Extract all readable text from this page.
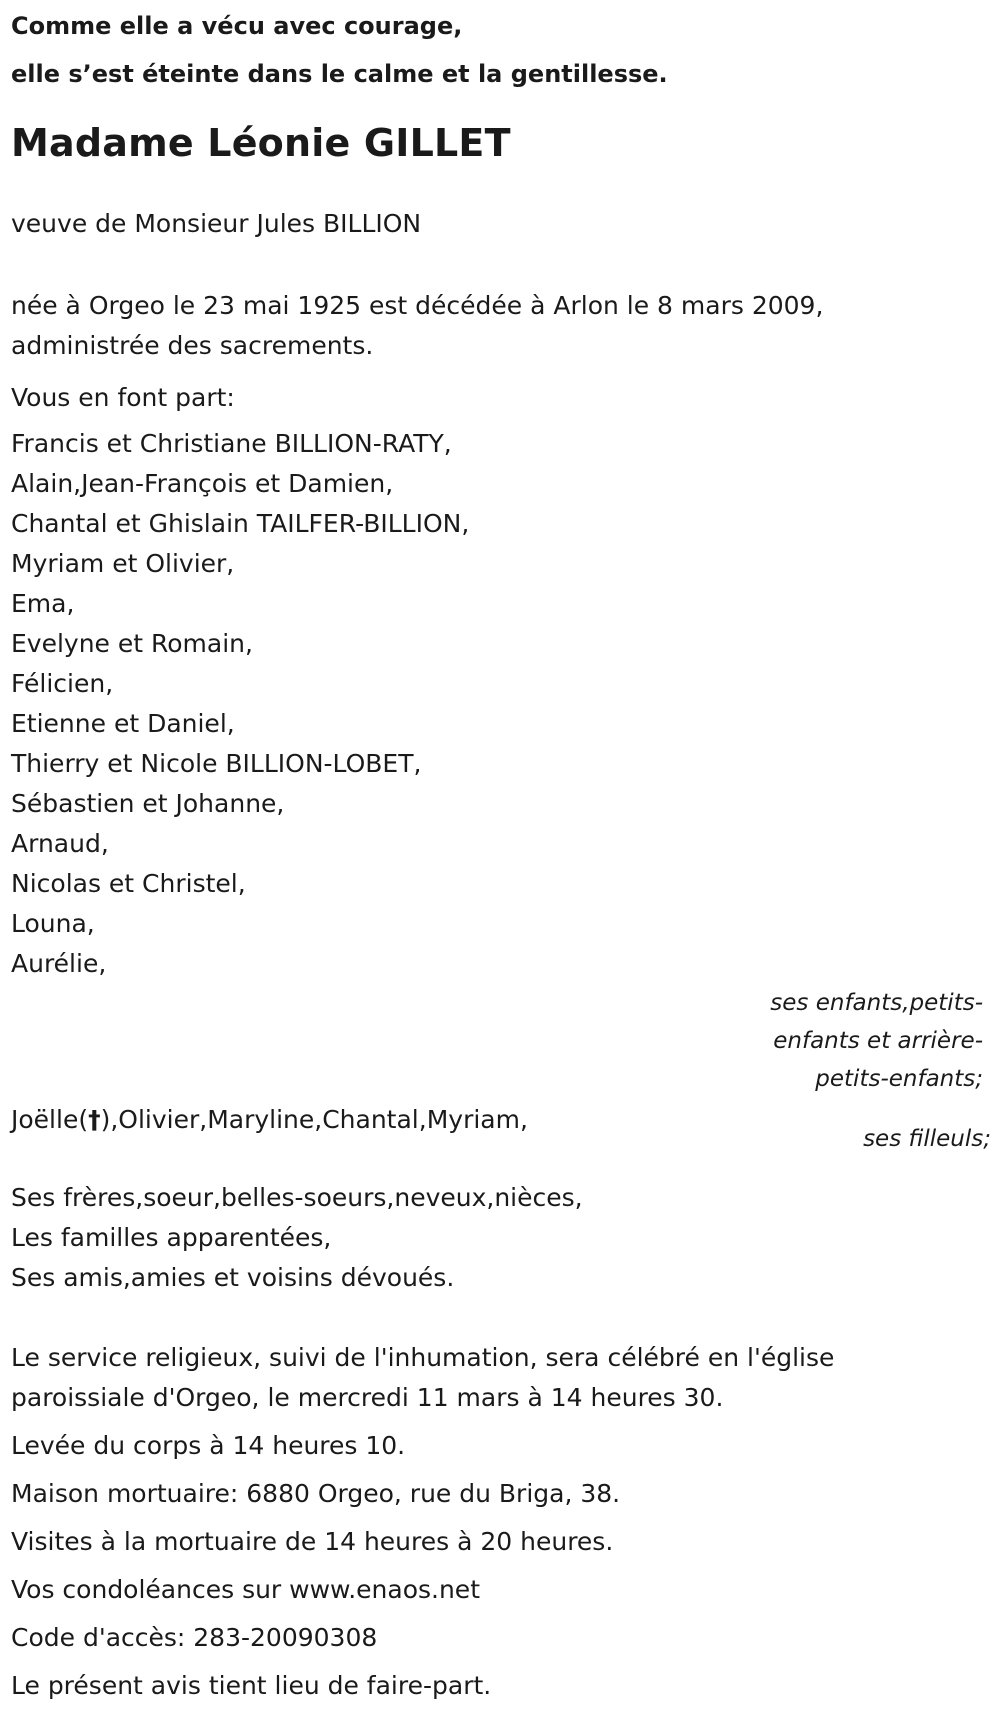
Comme elle a vécu avec courage,
elle s’est éteinte dans le calme et la gentillesse.
Madame Léonie GILLET
veuve de Monsieur Jules BILLION
née à Orgeo le 23 mai 1925 est décédée à Arlon le 8 mars 2009,
administrée des sacrements.
Vous en font part:
Francis et Christiane BILLION-RATY,
Alain,Jean-François et Damien,
Chantal et Ghislain TAILFER-BILLION,
Myriam et Olivier,
Ema,
Evelyne et Romain,
Félicien,
Etienne et Daniel,
Thierry et Nicole BILLION-LOBET,
Sébastien et Johanne,
Arnaud,
Nicolas et Christel,
Louna,
Aurélie,
ses enfants,petits-
enfants et arrière-
petits-enfants;
Joëlle(†),Olivier,Maryline,Chantal,Myriam,
ses filleuls;
Ses frères,soeur,belles-soeurs,neveux,nièces,
Les familles apparentées,
Ses amis,amies et voisins dévoués.
Le service religieux, suivi de l'inhumation, sera célébré en l'église
paroissiale d'Orgeo, le mercredi 11 mars à 14 heures 30.
Levée du corps à 14 heures 10.
Maison mortuaire: 6880 Orgeo, rue du Briga, 38.
Visites à la mortuaire de 14 heures à 20 heures.
Vos condoléances sur www.enaos.net
Code d'accès: 283-20090308
Le présent avis tient lieu de faire-part.
